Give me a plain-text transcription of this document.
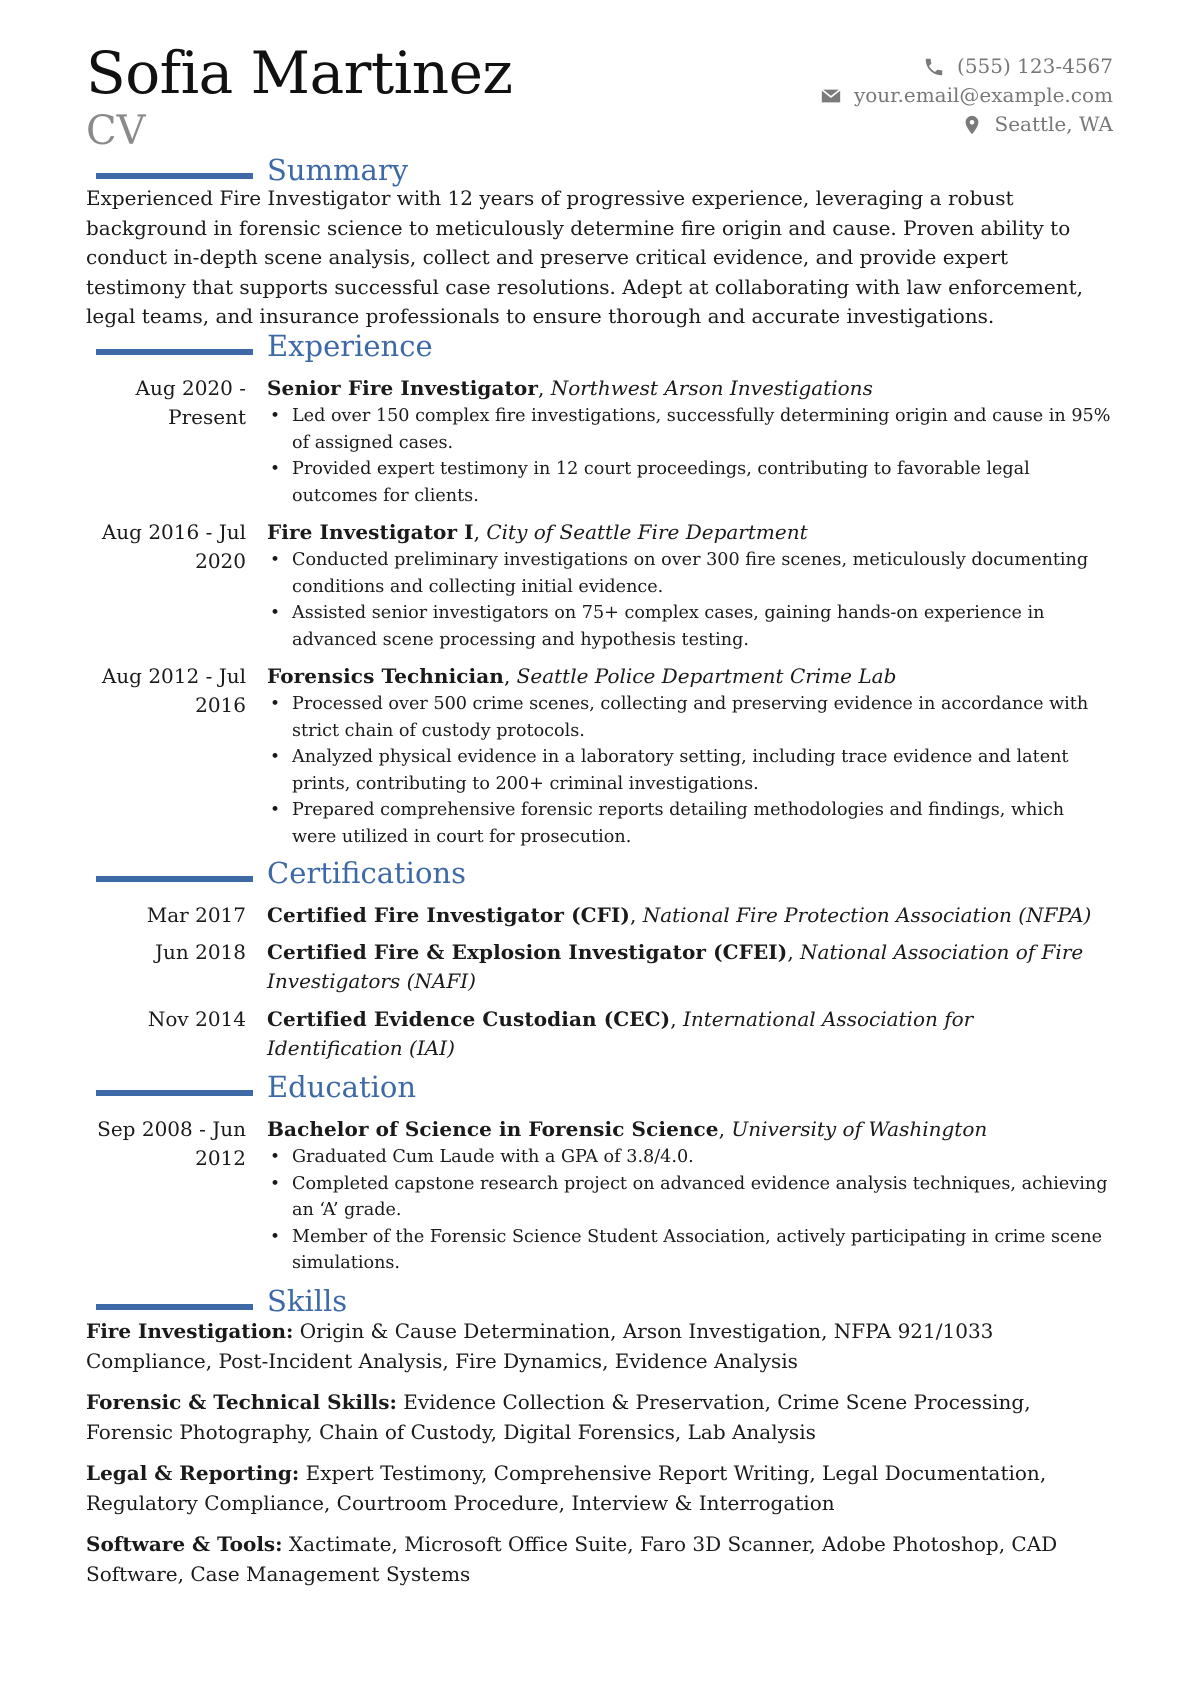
Sofia Martinez
CV
(555) 123-4567
your.email@example.com
Seattle, WA
Summary
Experienced Fire Investigator with 12 years of progressive experience, leveraging a robust background in forensic science to meticulously determine fire origin and cause. Proven ability to conduct in-depth scene analysis, collect and preserve critical evidence, and provide expert testimony that supports successful case resolutions. Adept at collaborating with law enforcement, legal teams, and insurance professionals to ensure thorough and accurate investigations.
Experience
Aug 2020 - Present
Senior Fire Investigator, Northwest Arson Investigations
• Led over 150 complex fire investigations, successfully determining origin and cause in 95% of assigned cases.
• Provided expert testimony in 12 court proceedings, contributing to favorable legal outcomes for clients.
Aug 2016 - Jul 2020
Fire Investigator I, City of Seattle Fire Department
• Conducted preliminary investigations on over 300 fire scenes, meticulously documenting conditions and collecting initial evidence.
• Assisted senior investigators on 75+ complex cases, gaining hands-on experience in advanced scene processing and hypothesis testing.
Aug 2012 - Jul 2016
Forensics Technician, Seattle Police Department Crime Lab
• Processed over 500 crime scenes, collecting and preserving evidence in accordance with strict chain of custody protocols.
• Analyzed physical evidence in a laboratory setting, including trace evidence and latent prints, contributing to 200+ criminal investigations.
• Prepared comprehensive forensic reports detailing methodologies and findings, which were utilized in court for prosecution.
Certifications
Mar 2017 Certified Fire Investigator (CFI), National Fire Protection Association (NFPA)
Jun 2018 Certified Fire & Explosion Investigator (CFEI), National Association of Fire Investigators (NAFI)
Nov 2014 Certified Evidence Custodian (CEC), International Association for Identification (IAI)
Education
Sep 2008 - Jun 2012
Bachelor of Science in Forensic Science, University of Washington
• Graduated Cum Laude with a GPA of 3.8/4.0.
• Completed capstone research project on advanced evidence analysis techniques, achieving an ‘A’ grade.
• Member of the Forensic Science Student Association, actively participating in crime scene simulations.
Skills
Fire Investigation: Origin & Cause Determination, Arson Investigation, NFPA 921/1033 Compliance, Post-Incident Analysis, Fire Dynamics, Evidence Analysis
Forensic & Technical Skills: Evidence Collection & Preservation, Crime Scene Processing, Forensic Photography, Chain of Custody, Digital Forensics, Lab Analysis
Legal & Reporting: Expert Testimony, Comprehensive Report Writing, Legal Documentation, Regulatory Compliance, Courtroom Procedure, Interview & Interrogation
Software & Tools: Xactimate, Microsoft Office Suite, Faro 3D Scanner, Adobe Photoshop, CAD Software, Case Management Systems
